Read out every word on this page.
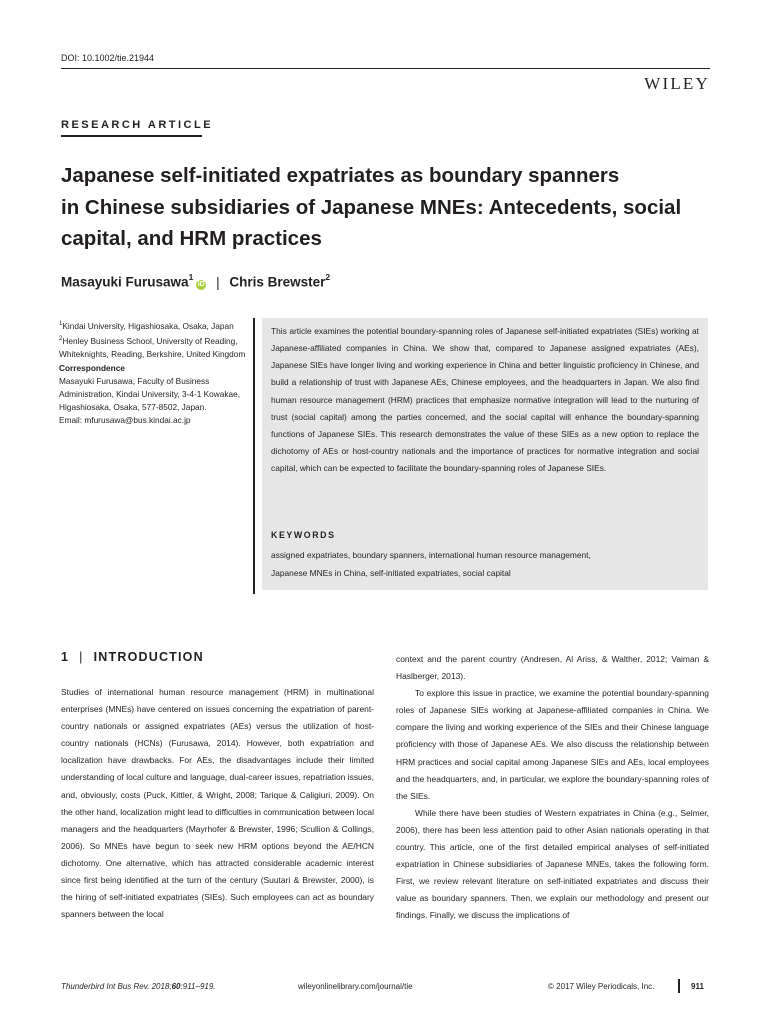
DOI: 10.1002/tie.21944
WILEY
RESEARCH ARTICLE
Japanese self-initiated expatriates as boundary spanners
in Chinese subsidiaries of Japanese MNEs: Antecedents, social
capital, and HRM practices
Masayuki Furusawa$^1$iD | Chris Brewster$^2$

$^1$Kindai University, Higashiosaka, Osaka, Japan

$^2$Henley Business School, University of Reading, Whiteknights, Reading, Berkshire, United Kingdom

Correspondence

Masayuki Furusawa, Faculty of Business Administration, Kindai University, 3-4-1 Kowakae, Higashiosaka, Osaka, 577-8502, Japan.

Email: mfurusawa@bus.kindai.ac.jp

This article examines the potential boundary-spanning roles of Japanese self-initiated expatriates (SIEs) working at Japanese-affiliated companies in China. We show that, compared to Japanese assigned expatriates (AEs), Japanese SIEs have longer living and working experience in China and better linguistic proficiency in Chinese, and build a relationship of trust with Japanese AEs, Chinese employees, and the headquarters in Japan. We also find human resource management (HRM) practices that emphasize normative integration will lead to the nurturing of trust (social capital) among the parties concerned, and the social capital will enhance the boundary-spanning functions of Japanese SIEs. This research demonstrates the value of these SIEs as a new option to replace the dichotomy of AEs or host-country nationals and the importance of practices for normative integration and social capital, which can be expected to facilitate the boundary-spanning roles of Japanese SIEs.

KEYWORDS

assigned expatriates, boundary spanners, international human resource management,
Japanese MNEs in China, self-initiated expatriates, social capital

1 | INTRODUCTION

Studies of international human resource management (HRM) in multinational enterprises (MNEs) have centered on issues concerning the expatriation of parent-country nationals or assigned expatriates (AEs) versus the utilization of host-country nationals (HCNs) (Furusawa, 2014). However, both expatriation and localization have drawbacks. For AEs, the disadvantages include their limited understanding of local culture and language, dual-career issues, repatriation issues, and, obviously, costs (Puck, Kittler, & Wright, 2008; Tarique & Caligiuri, 2009). On the other hand, localization might lead to difficulties in communication between local managers and the headquarters (Mayrhofer & Brewster, 1996; Scullion & Collings, 2006). So MNEs have begun to seek new HRM options beyond the AE/HCN dichotomy. One alternative, which has attracted considerable academic interest since first being identified at the turn of the century (Suutari & Brewster, 2000), is the hiring of self-initiated expatriates (SIEs). Such employees can act as boundary spanners between the local

context and the parent country (Andresen, Al Ariss, & Walther, 2012; Vaiman & Haslberger, 2013).

To explore this issue in practice, we examine the potential boundary-spanning roles of Japanese SIEs working at Japanese-affiliated companies in China. We compare the living and working experience of the SIEs and their Chinese language proficiency with those of Japanese AEs. We also discuss the relationship between HRM practices and social capital among Japanese SIEs and AEs, local employees and the headquarters, and, in particular, we explore the boundary-spanning roles of the SIEs.

While there have been studies of Western expatriates in China (e.g., Selmer, 2006), there has been less attention paid to other Asian nationals operating in that country. This article, one of the first detailed empirical analyses of self-initiated expatriation in Chinese subsidiaries of Japanese MNEs, takes the following form. First, we review relevant literature on self-initiated expatriates and discuss their value as boundary spanners. Then, we explain our methodology and present our findings. Finally, we discuss the implications of

Thunderbird Int Bus Rev. 2018;60:911–919.	wileyonlinelibrary.com/journal/tie	© 2017 Wiley Periodicals, Inc.	911
